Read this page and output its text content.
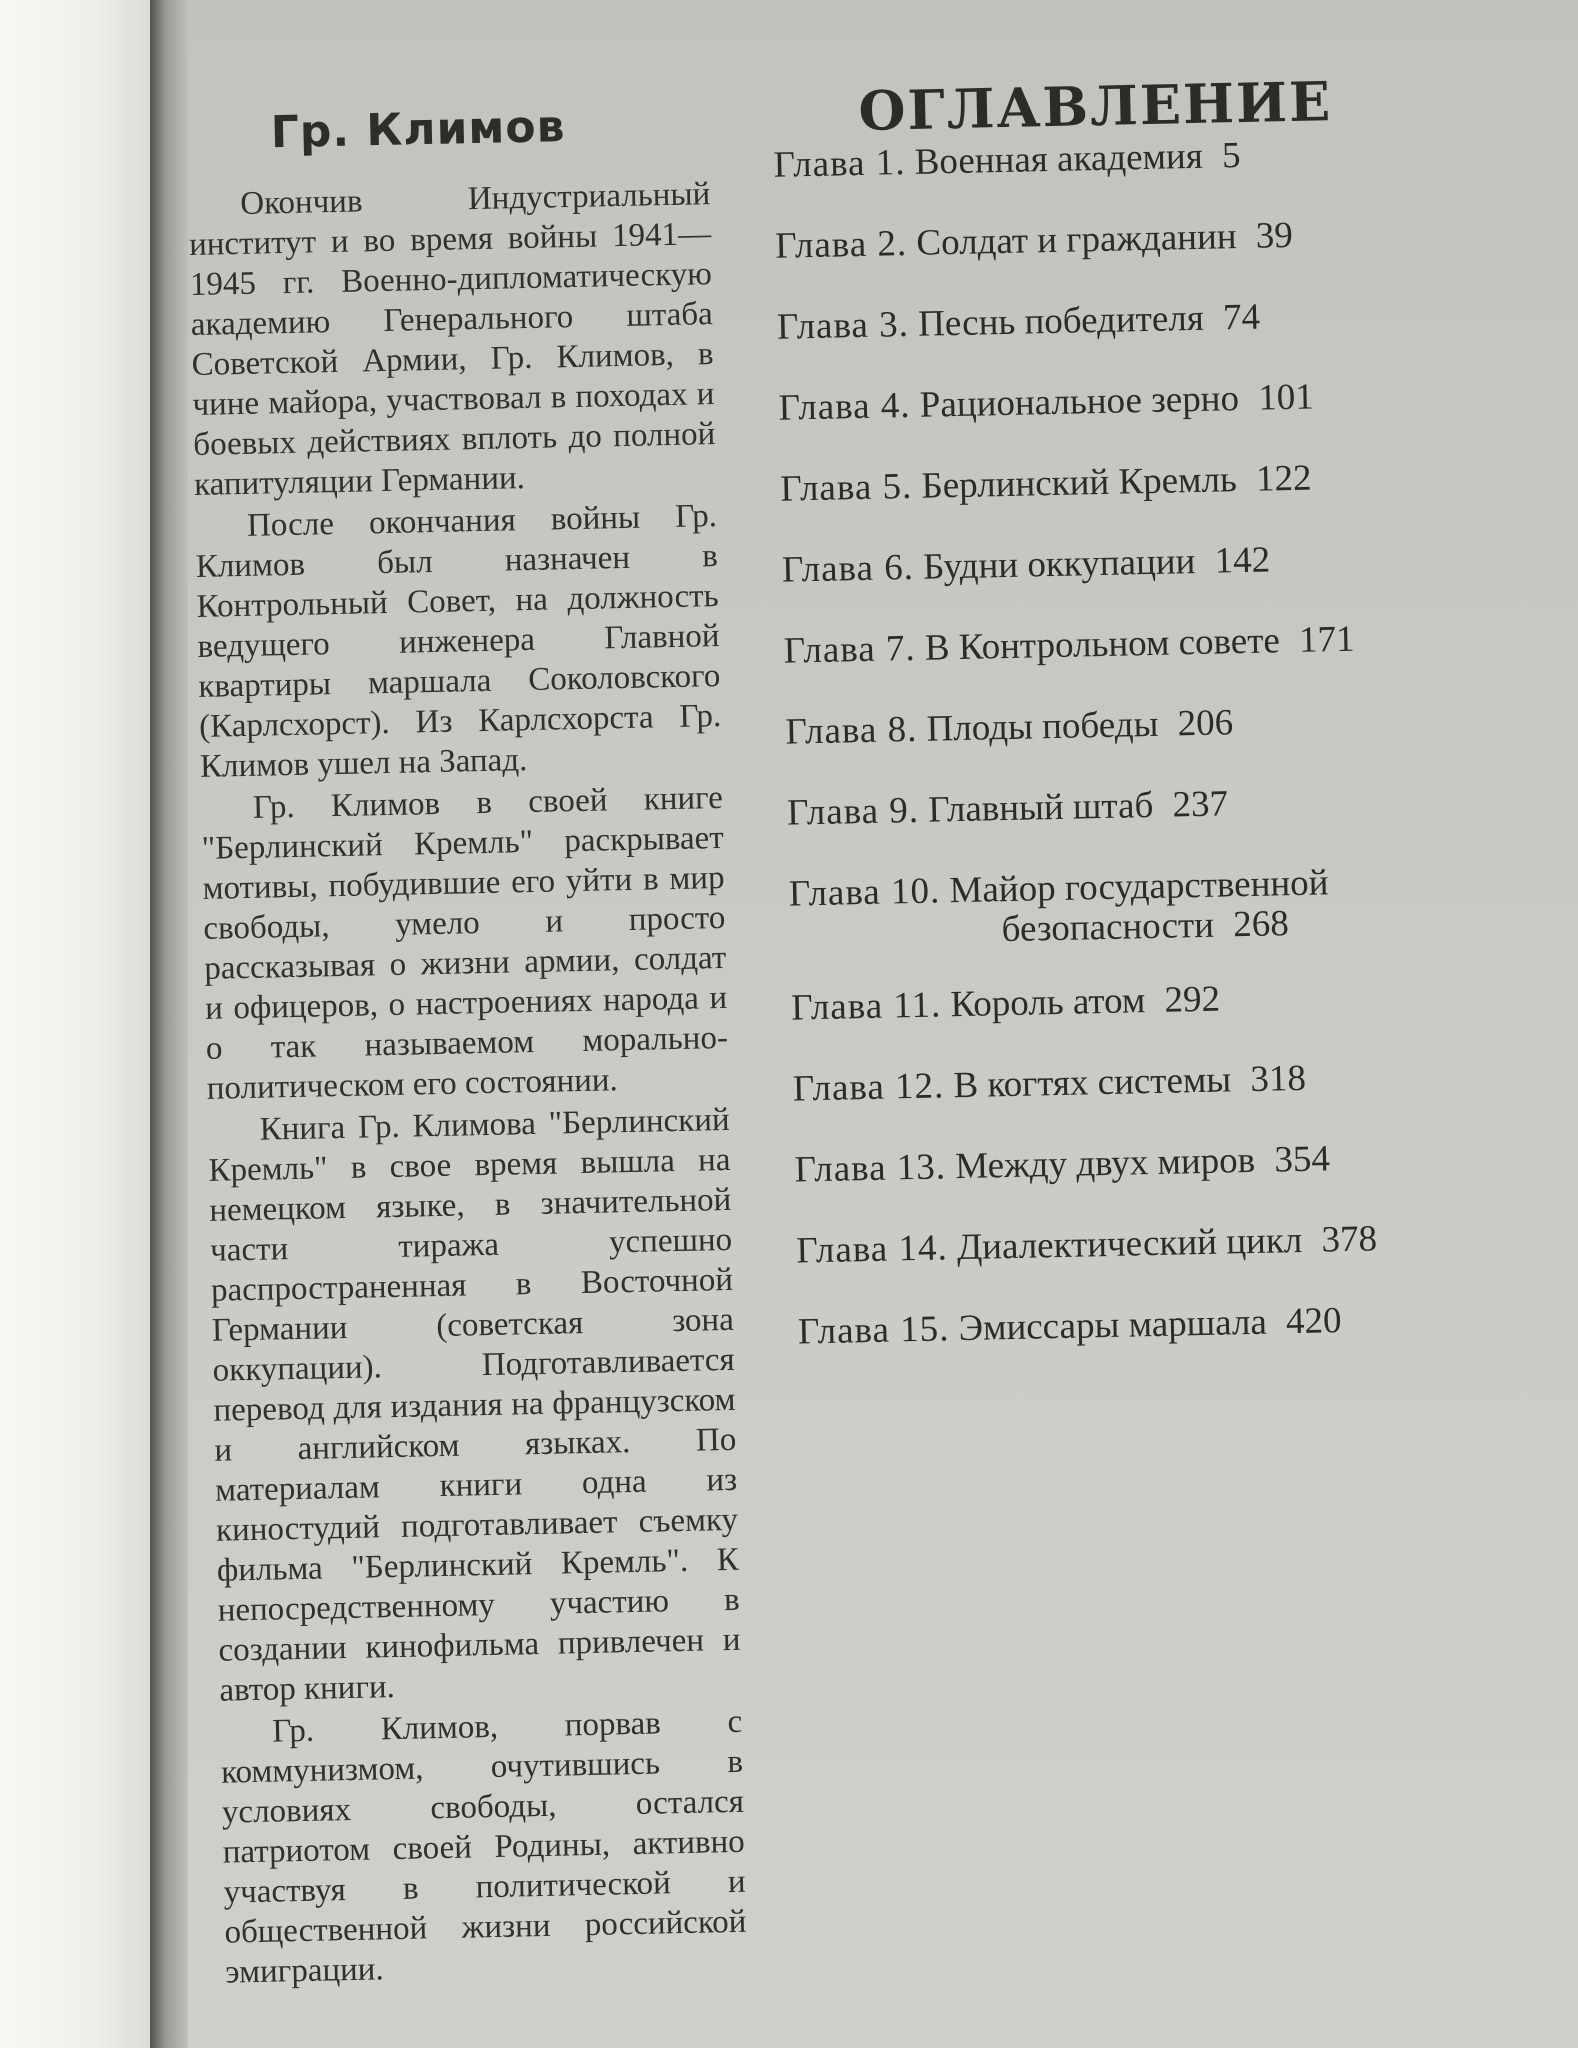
Гр. Климов

Окончив Индустриальный институт и во время войны 1941—1945 гг. Военно-дипломатическую академию Генерального штаба Советской Армии, Гр. Климов, в чине майора, участвовал в походах и боевых действиях вплоть до полной капитуляции Германии.

После окончания войны Гр. Климов был назначен в Контрольный Совет, на должность ведущего инженера Главной квартиры маршала Соколовского (Карлсхорст). Из Карлсхорста Гр. Климов ушел на Запад.

Гр. Климов в своей книге "Берлинский Кремль" раскрывает мотивы, побудившие его уйти в мир свободы, умело и просто рассказывая о жизни армии, солдат и офицеров, о настроениях народа и о так называемом морально-политическом его состоянии.

Книга Гр. Климова "Берлинский Кремль" в свое время вышла на немецком языке, в значительной части тиража успешно распространенная в Восточной Германии (советская зона оккупации). Подготавливается перевод для издания на французском и английском языках. По материалам книги одна из киностудий подготавливает съемку фильма "Берлинский Кремль". К непосредственному участию в создании кинофильма привлечен и автор книги.

Гр. Климов, порвав с коммунизмом, очутившись в условиях свободы, остался патриотом своей Родины, активно участвуя в политической и общественной жизни российской эмиграции.

ОГЛАВЛЕНИЕ
Глава 1. Военная академия 5
Глава 2. Солдат и гражданин 39
Глава 3. Песнь победителя 74
Глава 4. Рациональное зерно 101
Глава 5. Берлинский Кремль 122
Глава 6. Будни оккупации 142
Глава 7. В Контрольном совете 171
Глава 8. Плоды победы 206
Глава 9. Главный штаб 237
Глава 10. Майор государственной
безопасности 268
Глава 11. Король атом 292
Глава 12. В когтях системы 318
Глава 13. Между двух миров 354
Глава 14. Диалектический цикл 378
Глава 15. Эмиссары маршала 420
